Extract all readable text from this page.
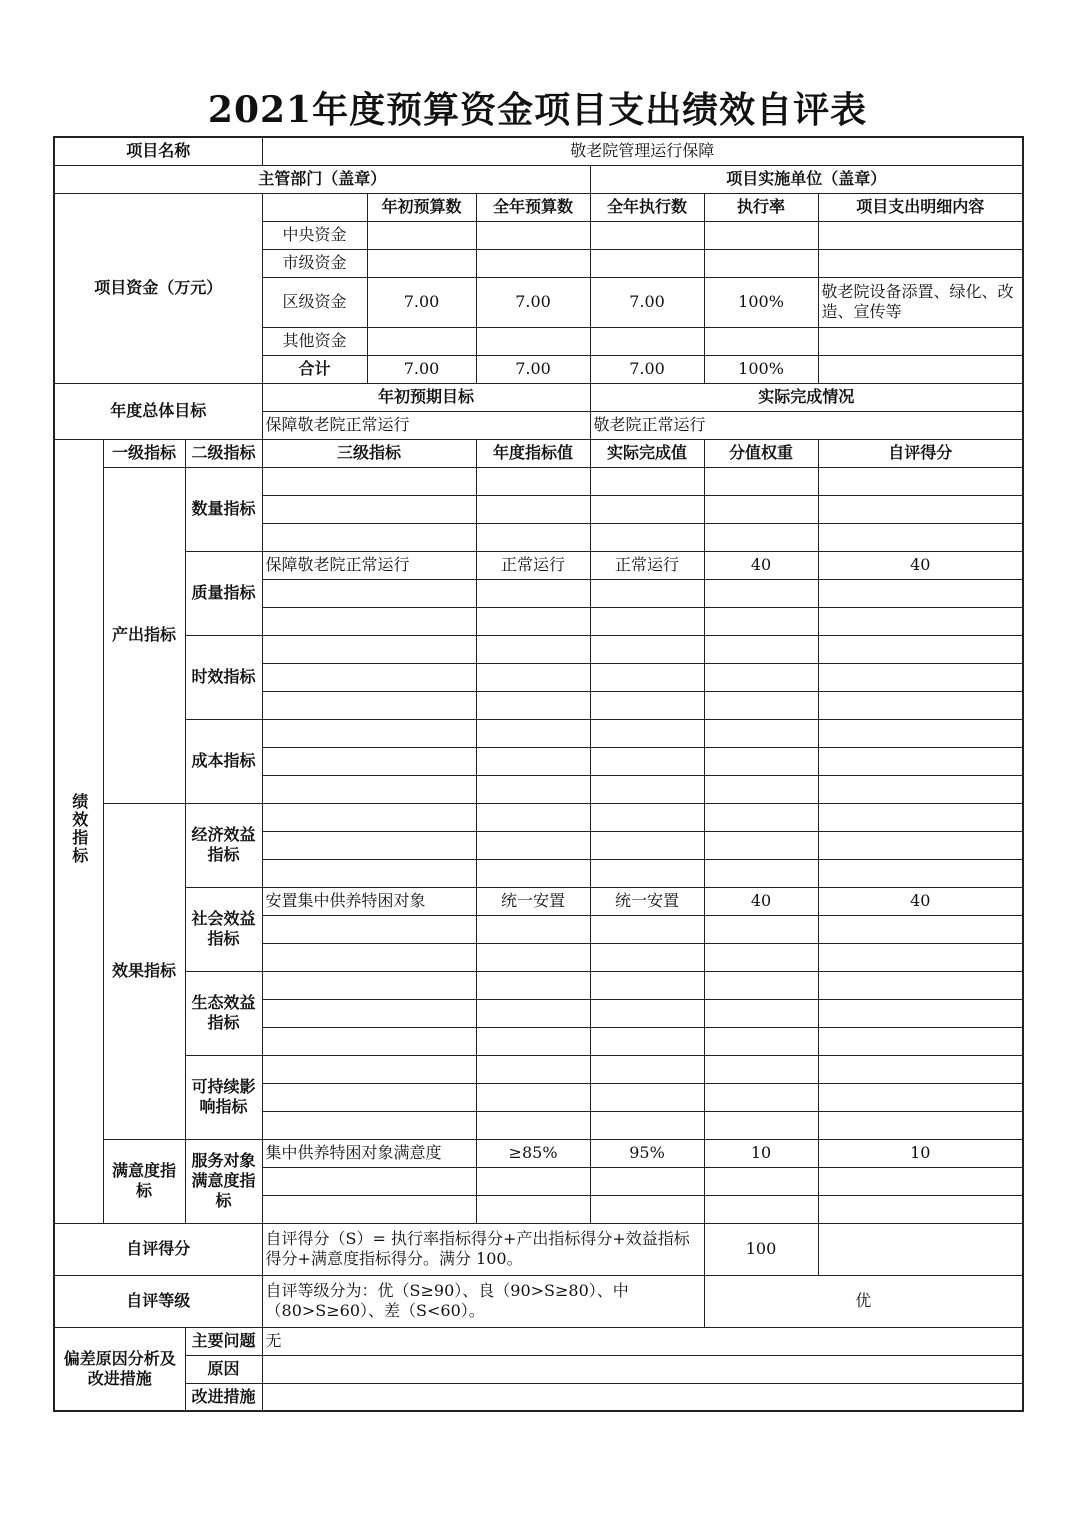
2021年度预算资金项目支出绩效自评表
项目名称			敬老院管理运行保障					
主管部门（盖章）						项目实施单位（盖章）		
项目资金（万元）				年初预算数	全年预算数	全年执行数	执行率	项目支出明细内容
			中央资金					
			市级资金					
			区级资金	7.00	7.00	7.00	100%	敬老院设备添置、绿化、改造、宣传等
			其他资金					
			合计	7.00	7.00	7.00	100%	
年度总体目标			年初预期目标			实际完成情况		
			保障敬老院正常运行			敬老院正常运行		
绩效指标	一级指标	二级指标	三级指标		年度指标值	实际完成值	分值权重	自评得分
	产出指标	数量指标						

		质量指标	保障敬老院正常运行		正常运行	正常运行	40	40

		时效指标						

		成本指标						

	效果指标	经济效益指标						

		社会效益指标	安置集中供养特困对象		统一安置	统一安置	40	40

		生态效益指标						

		可持续影响指标						

	满意度指标	服务对象满意度指标	集中供养特困对象满意度		≥85%	95%	10	10

自评得分			自评得分（S）= 执行率指标得分+产出指标得分+效益指标得分+满意度指标得分。满分 100。				100	
自评等级			自评等级分为：优（S≥90）、良（90>S≥80）、中（80>S≥60）、差（S<60）。				优	
偏差原因分析及改进措施		主要问题	无					
		原因						
		改进措施						
